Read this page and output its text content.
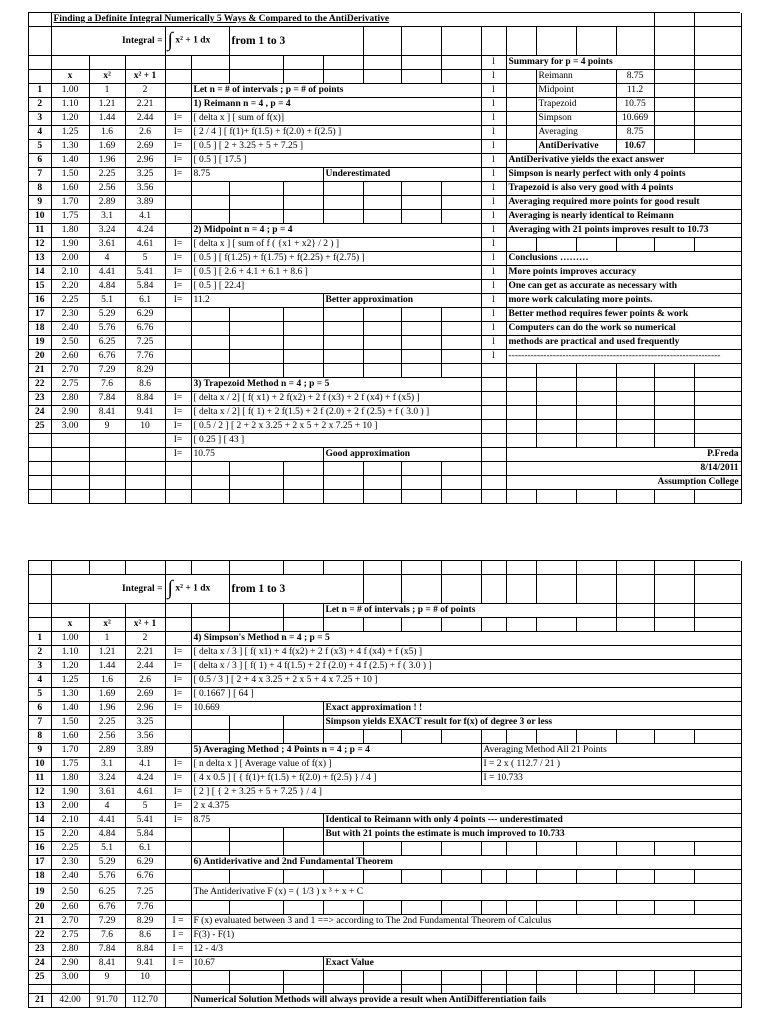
	Finding a Definite Integral Numerically 5 Ways & Compared to the AntiDerivative																	
	Integral =			∫ x² + 1 dx		from 1 to 3												
												l	Summary for p = 4 points					
	x	x²	x² + 1									l		Reimann		8.75		
1	1.00	1	2		Let n = # of intervals ; p = # of points							l		Midpoint		11.2		
2	1.10	1.21	2.21		1) Reimann n = 4 , p = 4							l		Trapezoid		10.75		
3	1.20	1.44	2.44	I=	[ delta x ] [ sum of f(x)]							l		Simpson		10.669		
4	1.25	1.6	2.6	I=	[ 2 / 4 ] [ f(1)+ f(1.5) + f(2.0) + f(2.5) ]							l		Averaging		8.75		
5	1.30	1.69	2.69	I=	[ 0.5 ] [ 2 + 3.25 + 5 + 7.25 ]							l		AntiDerivative		10.67		
6	1.40	1.96	2.96	I=	[ 0.5 ] [ 17.5 ]							l	AntiDerivative yields the exact answer					
7	1.50	2.25	3.25	I=	8.75			Underestimated				l	Simpson is nearly perfect with only 4 points					
8	1.60	2.56	3.56									l	Trapezoid is also very good with 4 points					
9	1.70	2.89	3.89									l	Averaging required more points for good result					
10	1.75	3.1	4.1									l	Averaging is nearly identical to Reimann					
11	1.80	3.24	4.24		2) Midpoint n = 4 ; p = 4							l	Averaging with 21 points improves result to 10.73					
12	1.90	3.61	4.61	I=	[ delta x ] [ sum of f ( {x1 + x2} / 2 ) ]							l						
13	2.00	4	5	I=	[ 0.5 ] [ f(1.25) + f(1.75) + f(2.25) + f(2.75) ]							l	Conclusions ………					
14	2.10	4.41	5.41	I=	[ 0.5 ] [ 2.6 + 4.1 + 6.1 + 8.6 ]							l	More points improves accuracy					
15	2.20	4.84	5.84	I=	[ 0.5 ] [ 22.4]							l	One can get as accurate as necessary with					
16	2.25	5.1	6.1	I=	11.2			Better approximation				l	more work calculating more points.					
17	2.30	5.29	6.29									l	Better method requires fewer points & work					
18	2.40	5.76	6.76									l	Computers can do the work so numerical					
19	2.50	6.25	7.25									l	methods are practical and used frequently					
20	2.60	6.76	7.76									l	-------------------------------------------------------------------					
21	2.70	7.29	8.29															
22	2.75	7.6	8.6		3) Trapezoid Method n = 4 ; p = 5													
23	2.80	7.84	8.84	I=	[ delta x / 2] [ f( x1) + 2 f(x2) + 2 f (x3) + 2 f (x4) + f (x5) ]													
24	2.90	8.41	9.41	I=	[ delta x / 2] [ f( 1) + 2 f(1.5) + 2 f (2.0) + 2 f (2.5) + f ( 3.0 ) ]													
25	3.00	9	10	I=	[ 0.5 / 2 ] [ 2 + 2 x 3.25 + 2 x 5 + 2 x 7.25 + 10 ]													
				I=	[ 0.25 ] [ 43 ]													
				I=	10.75			Good approximation					P.Freda					
													8/14/2011					
													Assumption College					

	Integral =			∫ x² + 1 dx		from 1 to 3												
								Let n = # of intervals ; p = # of points										
	x	x²	x² + 1															
1	1.00	1	2		4) Simpson's Method n = 4 ; p = 5													
2	1.10	1.21	2.21	I=	[ delta x / 3 ] [ f( x1) + 4 f(x2) + 2 f (x3) + 4 f (x4) + f (x5) ]													
3	1.20	1.44	2.44	I=	[ delta x / 3 ] [ f( 1) + 4 f(1.5) + 2 f (2.0) + 4 f (2.5) + f ( 3.0 ) ]													
4	1.25	1.6	2.6	I=	[ 0.5 / 3 ] [ 2 + 4 x 3.25 + 2 x 5 + 4 x 7.25 + 10 ]													
5	1.30	1.69	2.69	I=	[ 0.1667 ] [ 64 ]													
6	1.40	1.96	2.96	I=	10.669			Exact approximation ! !										
7	1.50	2.25	3.25					Simpson yields EXACT result for f(x) of degree 3 or less										
8	1.60	2.56	3.56															
9	1.70	2.89	3.89		5) Averaging Method ; 4 Points n = 4 ; p = 4							Averaging Method All 21 Points						
10	1.75	3.1	4.1	I=	[ n delta x ] [ Average value of f(x) ]							I = 2 x ( 112.7 / 21 )						
11	1.80	3.24	4.24	I=	[ 4 x 0.5 ] [ { f(1)+ f(1.5) + f(2.0) + f(2.5) } / 4 ]							I = 10.733						
12	1.90	3.61	4.61	I=	[ 2 ] [ { 2 + 3.25 + 5 + 7.25 } / 4 ]													
13	2.00	4	5	I=	2 x 4.375													
14	2.10	4.41	5.41	I=	8.75			Identical to Reimann with only 4 points --- underestimated										
15	2.20	4.84	5.84					But with 21 points the estimate is much improved to 10.733										
16	2.25	5.1	6.1															
17	2.30	5.29	6.29		6) Antiderivative and 2nd Fundamental Theorem													
18	2.40	5.76	6.76															
19	2.50	6.25	7.25		The Antiderivative F (x) = ( 1/3 ) x ³ + x + C													
20	2.60	6.76	7.76															
21	2.70	7.29	8.29	I =	F (x) evaluated between 3 and 1 ==> according to The 2nd Fundamental Theorem of Calculus													
22	2.75	7.6	8.6	I =	F(3) - F(1)													
23	2.80	7.84	8.84	I =	12 - 4/3													
24	2.90	8.41	9.41	I =	10.67			Exact Value										
25	3.00	9	10															

21	42.00	91.70	112.70		Numerical Solution Methods will always provide a result when AntiDifferentiation fails													
